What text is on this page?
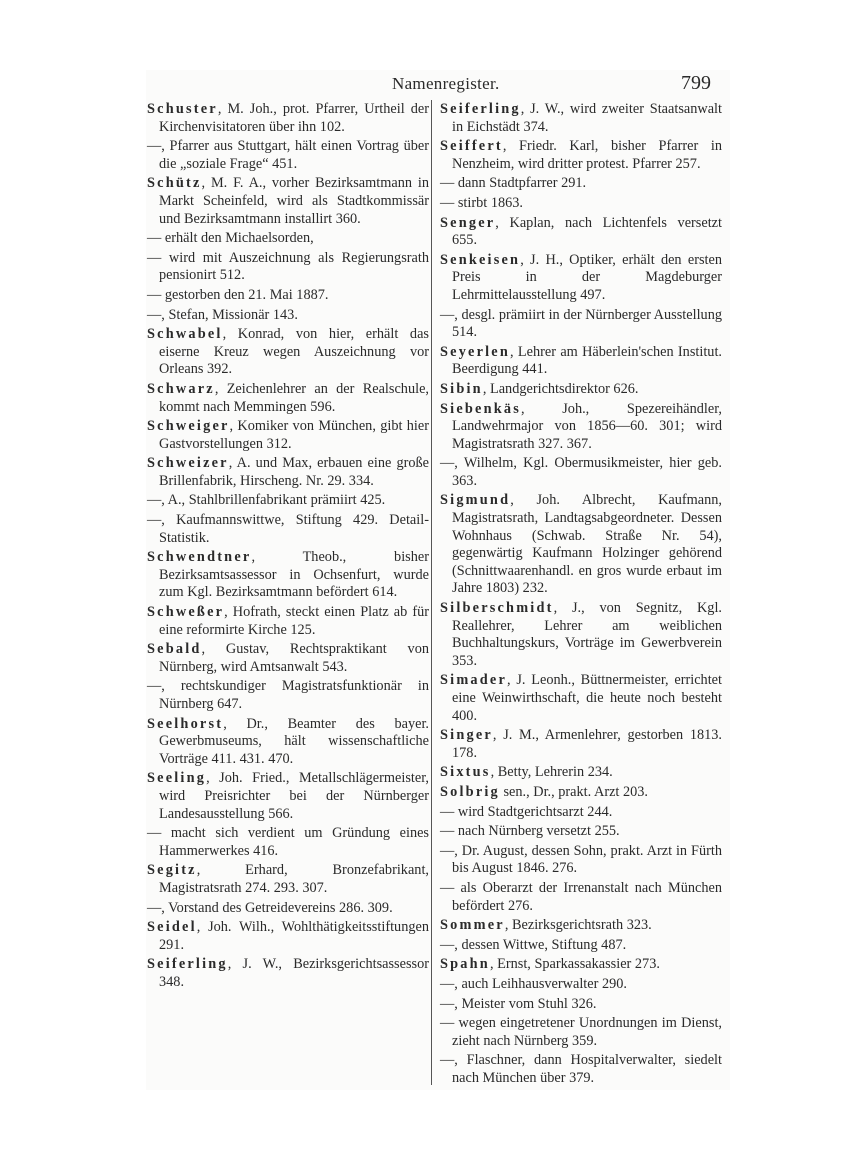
Namenregister.	799
Schuster, M. Joh., prot. Pfarrer, Urtheil der Kirchenvisitatoren über ihn 102.
—, Pfarrer aus Stuttgart, hält einen Vortrag über die „soziale Frage“ 451.
Schütz, M. F. A., vorher Bezirksamtmann in Markt Scheinfeld, wird als Stadtkommissär und Bezirksamtmann installirt 360.
— erhält den Michaelsorden,
— wird mit Auszeichnung als Regierungsrath pensionirt 512.
— gestorben den 21. Mai 1887.
—, Stefan, Missionär 143.
Schwabel, Konrad, von hier, erhält das eiserne Kreuz wegen Auszeichnung vor Orleans 392.
Schwarz, Zeichenlehrer an der Realschule, kommt nach Memmingen 596.
Schweiger, Komiker von München, gibt hier Gastvorstellungen 312.
Schweizer, A. und Max, erbauen eine große Brillenfabrik, Hirscheng. Nr. 29. 334.
—, A., Stahlbrillenfabrikant prämiirt 425.
—, Kaufmannswittwe, Stiftung 429. Detail-Statistik.
Schwendtner, Theob., bisher Bezirksamtsassessor in Ochsenfurt, wurde zum Kgl. Bezirksamtmann befördert 614.
Schweßer, Hofrath, steckt einen Platz ab für eine reformirte Kirche 125.
Sebald, Gustav, Rechtspraktikant von Nürnberg, wird Amtsanwalt 543.
—, rechtskundiger Magistratsfunktionär in Nürnberg 647.
Seelhorst, Dr., Beamter des bayer. Gewerbmuseums, hält wissenschaftliche Vorträge 411. 431. 470.
Seeling, Joh. Fried., Metallschlägermeister, wird Preisrichter bei der Nürnberger Landesausstellung 566.
— macht sich verdient um Gründung eines Hammerwerkes 416.
Segitz, Erhard, Bronzefabrikant, Magistratsrath 274. 293. 307.
—, Vorstand des Getreidevereins 286. 309.
Seidel, Joh. Wilh., Wohlthätigkeitsstiftungen 291.
Seiferling, J. W., Bezirksgerichtsassessor 348.
Seiferling, J. W., wird zweiter Staatsanwalt in Eichstädt 374.
Seiffert, Friedr. Karl, bisher Pfarrer in Nenzheim, wird dritter protest. Pfarrer 257.
— dann Stadtpfarrer 291.
— stirbt 1863.
Senger, Kaplan, nach Lichtenfels versetzt 655.
Senkeisen, J. H., Optiker, erhält den ersten Preis in der Magdeburger Lehrmittelausstellung 497.
—, desgl. prämiirt in der Nürnberger Ausstellung 514.
Seyerlen, Lehrer am Häberlein'schen Institut. Beerdigung 441.
Sibin, Landgerichtsdirektor 626.
Siebenkäs, Joh., Spezereihändler, Landwehrmajor von 1856—60. 301; wird Magistratsrath 327. 367.
—, Wilhelm, Kgl. Obermusikmeister, hier geb. 363.
Sigmund, Joh. Albrecht, Kaufmann, Magistratsrath, Landtagsabgeordneter. Dessen Wohnhaus (Schwab. Straße Nr. 54), gegenwärtig Kaufmann Holzinger gehörend (Schnittwaarenhandl. en gros wurde erbaut im Jahre 1803) 232.
Silberschmidt, J., von Segnitz, Kgl. Reallehrer, Lehrer am weiblichen Buchhaltungskurs, Vorträge im Gewerbverein 353.
Simader, J. Leonh., Büttnermeister, errichtet eine Weinwirthschaft, die heute noch besteht 400.
Singer, J. M., Armenlehrer, gestorben 1813. 178.
Sixtus, Betty, Lehrerin 234.
Solbrig sen., Dr., prakt. Arzt 203.
— wird Stadtgerichtsarzt 244.
— nach Nürnberg versetzt 255.
—, Dr. August, dessen Sohn, prakt. Arzt in Fürth bis August 1846. 276.
— als Oberarzt der Irrenanstalt nach München befördert 276.
Sommer, Bezirksgerichtsrath 323.
—, dessen Wittwe, Stiftung 487.
Spahn, Ernst, Sparkassakassier 273.
—, auch Leihhausverwalter 290.
—, Meister vom Stuhl 326.
— wegen eingetretener Unordnungen im Dienst, zieht nach Nürnberg 359.
—, Flaschner, dann Hospitalverwalter, siedelt nach München über 379.
